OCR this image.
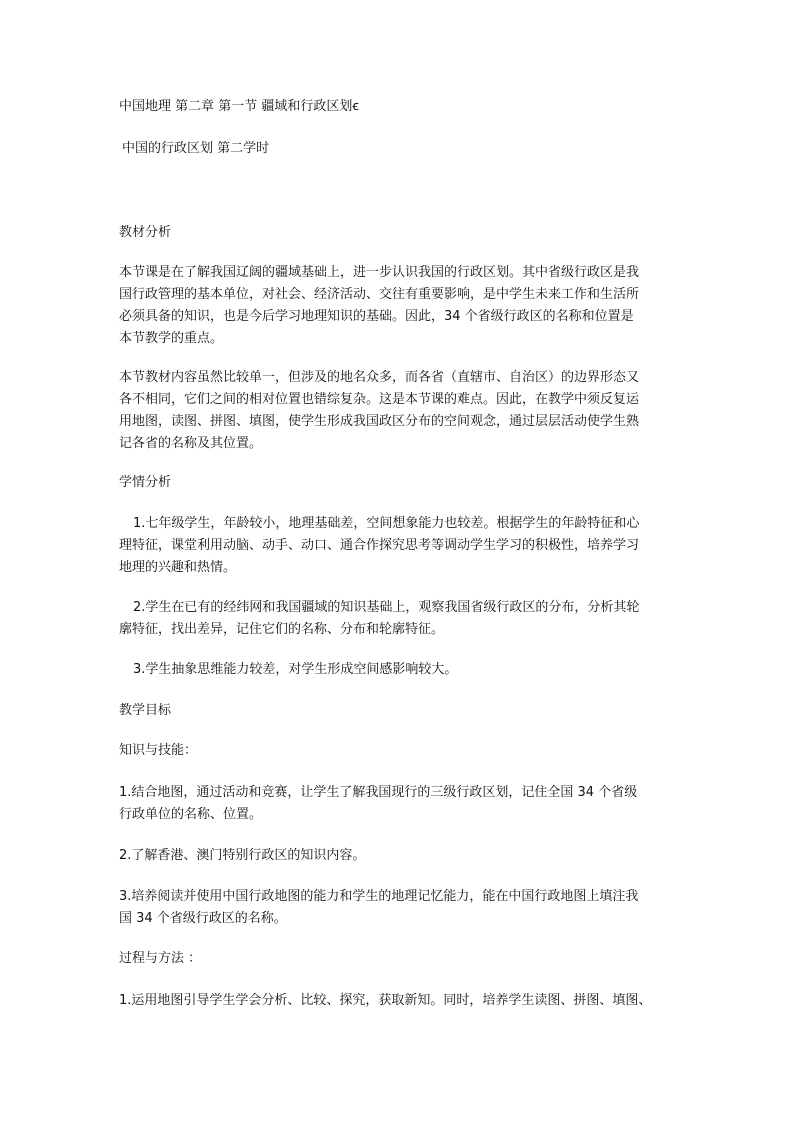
中国地理 第二章 第一节 疆域和行政区划ꞓ

中国的行政区划 第二学时

教材分析

本节课是在了解我国辽阔的疆域基础上，进一步认识我国的行政区划。其中省级行政区是我
国行政管理的基本单位，对社会、经济活动、交往有重要影响，是中学生未来工作和生活所
必须具备的知识，也是今后学习地理知识的基础。因此，34 个省级行政区的名称和位置是
本节教学的重点。

本节教材内容虽然比较单一，但涉及的地名众多，而各省（直辖市、自治区）的边界形态又
各不相同，它们之间的相对位置也错综复杂。这是本节课的难点。因此，在教学中须反复运
用地图，读图、拼图、填图，使学生形成我国政区分布的空间观念，通过层层活动使学生熟
记各省的名称及其位置。

学情分析

1.七年级学生，年龄较小，地理基础差，空间想象能力也较差。根据学生的年龄特征和心
理特征，课堂利用动脑、动手、动口、通合作探究思考等调动学生学习的积极性，培养学习
地理的兴趣和热情。

2.学生在已有的经纬网和我国疆域的知识基础上，观察我国省级行政区的分布，分析其轮
廓特征，找出差异，记住它们的名称、分布和轮廓特征。

3.学生抽象思维能力较差，对学生形成空间感影响较大。

教学目标

知识与技能：

1.结合地图，通过活动和竞赛，让学生了解我国现行的三级行政区划，记住全国 34 个省级
行政单位的名称、位置。

2.了解香港、澳门特别行政区的知识内容。

3.培养阅读并使用中国行政地图的能力和学生的地理记忆能力，能在中国行政地图上填注我
国 34 个省级行政区的名称。

过程与方法 ：

1.运用地图引导学生学会分析、比较、探究，获取新知。同时，培养学生读图、拼图、填图、
